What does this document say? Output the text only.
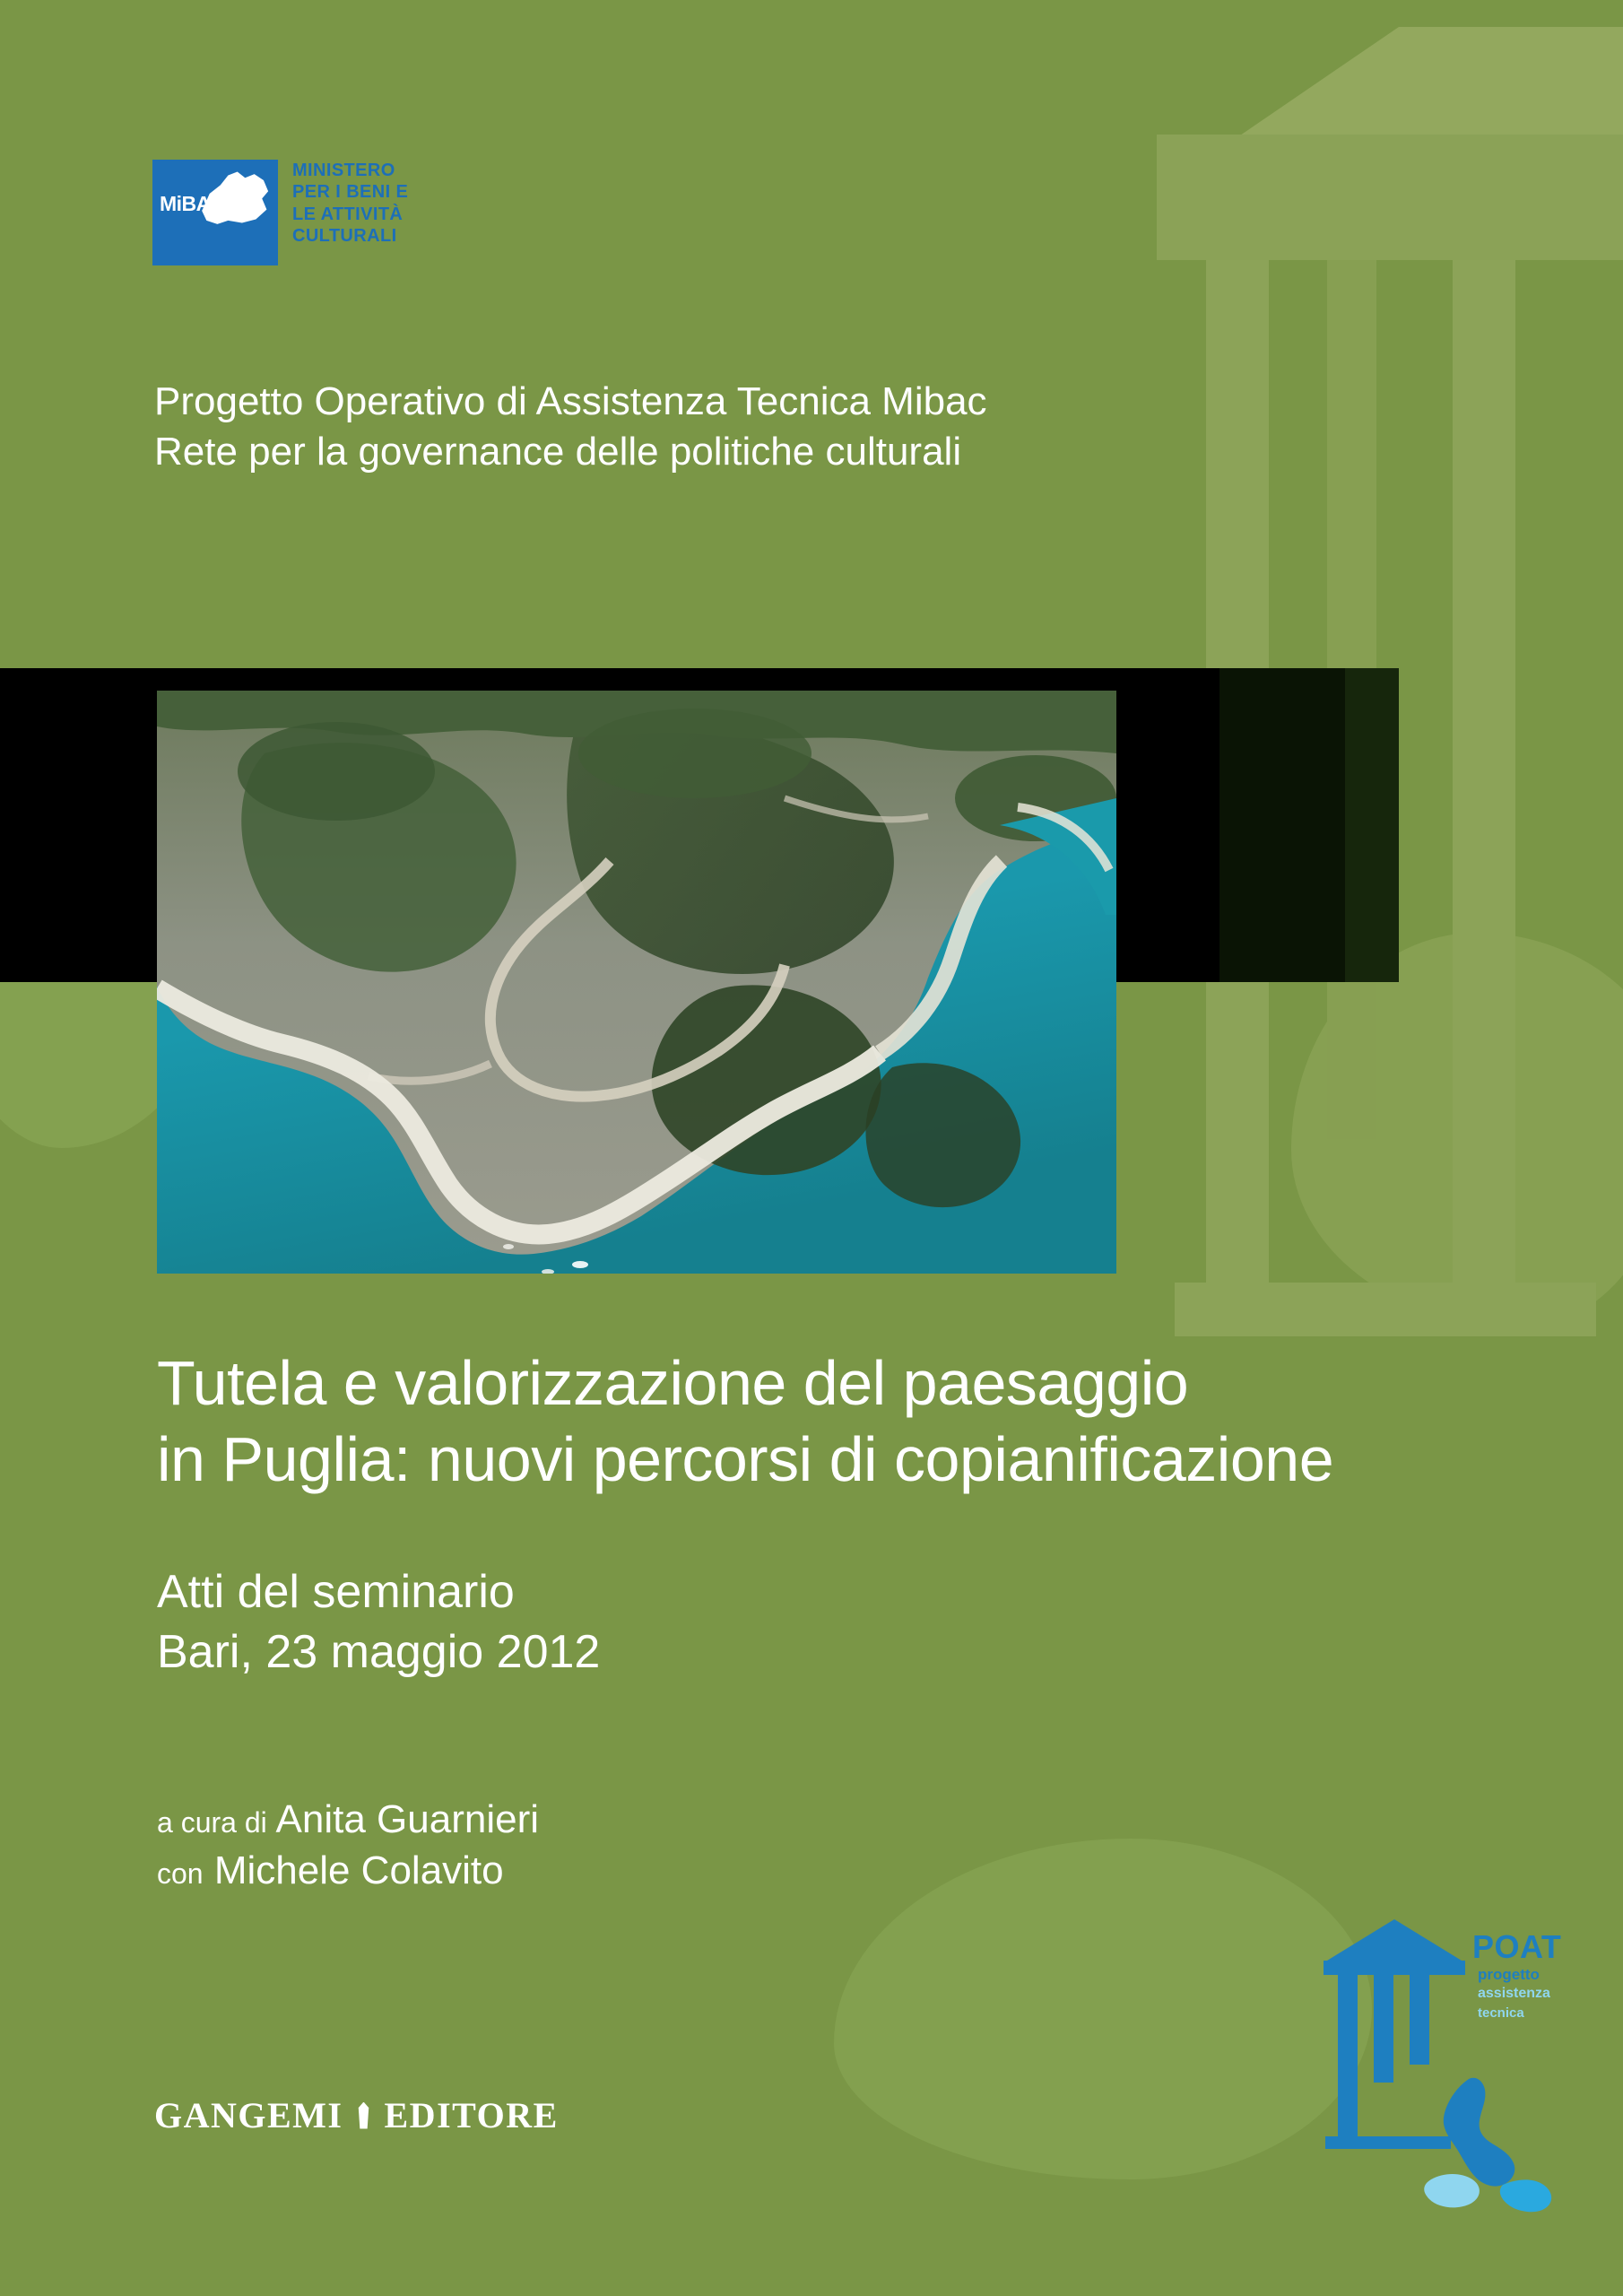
MiBAC
MINISTERO
PER I BENI E
LE ATTIVITÀ
CULTURALI
Progetto Operativo di Assistenza Tecnica Mibac
Rete per la governance delle politiche culturali
Tutela e valorizzazione del paesaggio
in Puglia: nuovi percorsi di copianificazione
Atti del seminario
Bari, 23 maggio 2012
a cura di Anita Guarnieri
con Michele Colavito
GANGEMI EDITORE
POAT
progetto
assistenza
tecnica
